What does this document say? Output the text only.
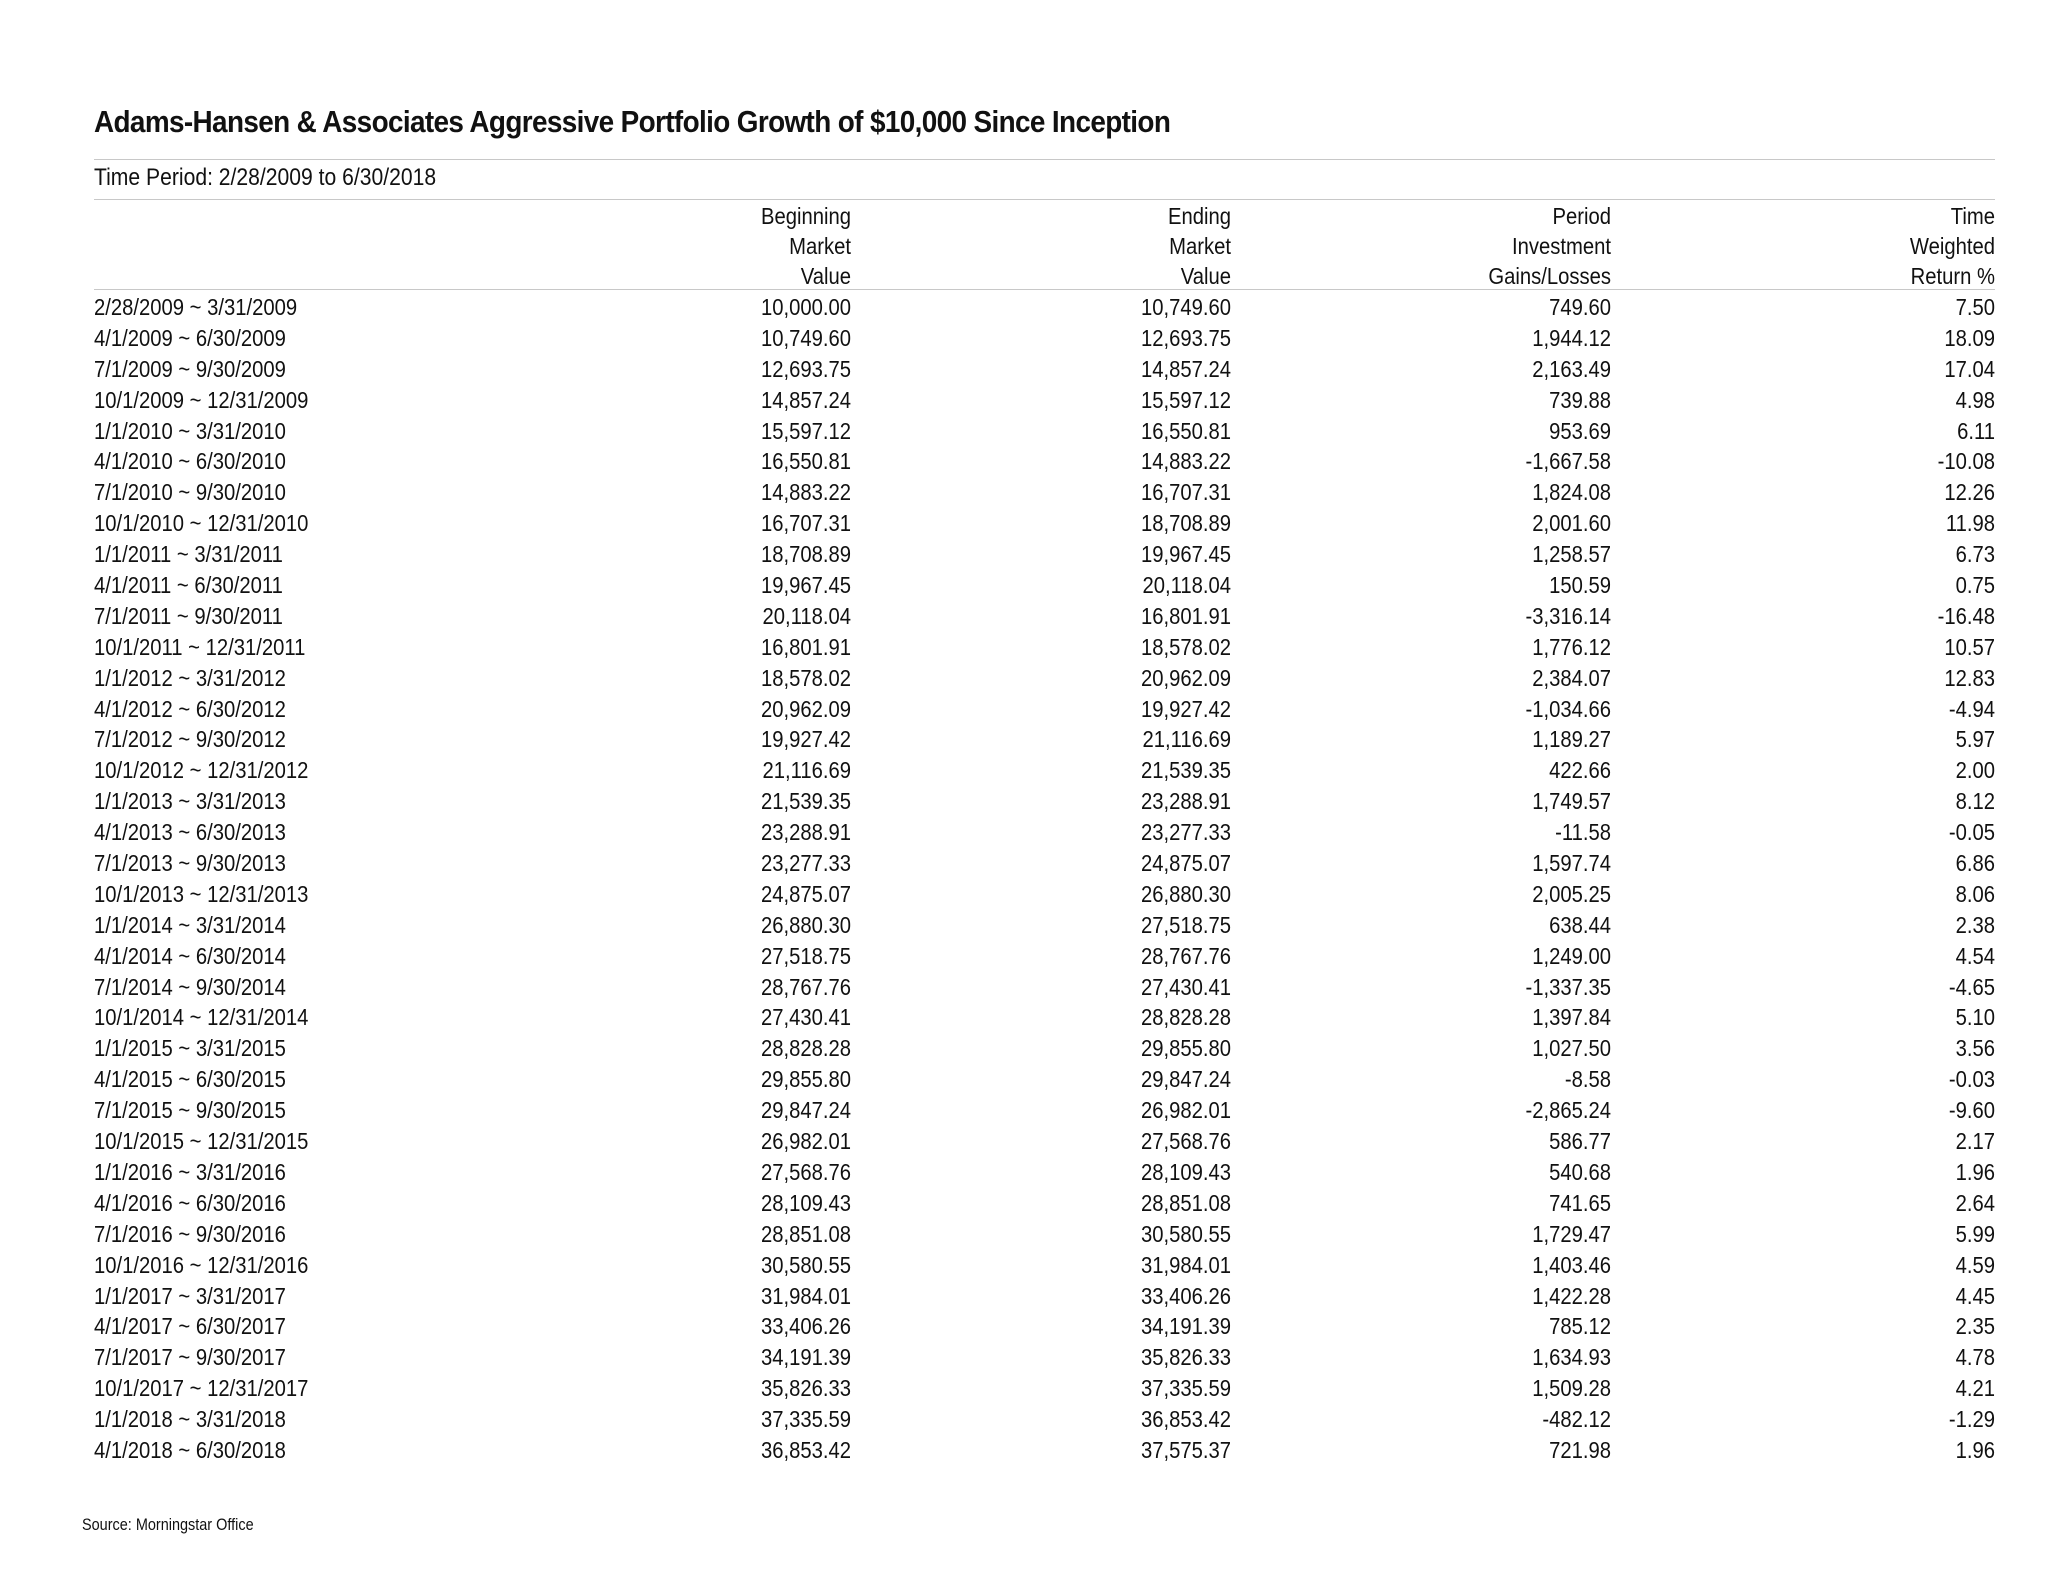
Adams-Hansen & Associates Aggressive Portfolio Growth of $10,000 Since Inception
Time Period: 2/28/2009 to 6/30/2018
Beginning
Market
Value
Ending
Market
Value
Period
Investment
Gains/Losses
Time
Weighted
Return %
2/28/2009 ~ 3/31/2009	10,000.00	10,749.60	749.60	7.50
4/1/2009 ~ 6/30/2009	10,749.60	12,693.75	1,944.12	18.09
7/1/2009 ~ 9/30/2009	12,693.75	14,857.24	2,163.49	17.04
10/1/2009 ~ 12/31/2009	14,857.24	15,597.12	739.88	4.98
1/1/2010 ~ 3/31/2010	15,597.12	16,550.81	953.69	6.11
4/1/2010 ~ 6/30/2010	16,550.81	14,883.22	-1,667.58	-10.08
7/1/2010 ~ 9/30/2010	14,883.22	16,707.31	1,824.08	12.26
10/1/2010 ~ 12/31/2010	16,707.31	18,708.89	2,001.60	11.98
1/1/2011 ~ 3/31/2011	18,708.89	19,967.45	1,258.57	6.73
4/1/2011 ~ 6/30/2011	19,967.45	20,118.04	150.59	0.75
7/1/2011 ~ 9/30/2011	20,118.04	16,801.91	-3,316.14	-16.48
10/1/2011 ~ 12/31/2011	16,801.91	18,578.02	1,776.12	10.57
1/1/2012 ~ 3/31/2012	18,578.02	20,962.09	2,384.07	12.83
4/1/2012 ~ 6/30/2012	20,962.09	19,927.42	-1,034.66	-4.94
7/1/2012 ~ 9/30/2012	19,927.42	21,116.69	1,189.27	5.97
10/1/2012 ~ 12/31/2012	21,116.69	21,539.35	422.66	2.00
1/1/2013 ~ 3/31/2013	21,539.35	23,288.91	1,749.57	8.12
4/1/2013 ~ 6/30/2013	23,288.91	23,277.33	-11.58	-0.05
7/1/2013 ~ 9/30/2013	23,277.33	24,875.07	1,597.74	6.86
10/1/2013 ~ 12/31/2013	24,875.07	26,880.30	2,005.25	8.06
1/1/2014 ~ 3/31/2014	26,880.30	27,518.75	638.44	2.38
4/1/2014 ~ 6/30/2014	27,518.75	28,767.76	1,249.00	4.54
7/1/2014 ~ 9/30/2014	28,767.76	27,430.41	-1,337.35	-4.65
10/1/2014 ~ 12/31/2014	27,430.41	28,828.28	1,397.84	5.10
1/1/2015 ~ 3/31/2015	28,828.28	29,855.80	1,027.50	3.56
4/1/2015 ~ 6/30/2015	29,855.80	29,847.24	-8.58	-0.03
7/1/2015 ~ 9/30/2015	29,847.24	26,982.01	-2,865.24	-9.60
10/1/2015 ~ 12/31/2015	26,982.01	27,568.76	586.77	2.17
1/1/2016 ~ 3/31/2016	27,568.76	28,109.43	540.68	1.96
4/1/2016 ~ 6/30/2016	28,109.43	28,851.08	741.65	2.64
7/1/2016 ~ 9/30/2016	28,851.08	30,580.55	1,729.47	5.99
10/1/2016 ~ 12/31/2016	30,580.55	31,984.01	1,403.46	4.59
1/1/2017 ~ 3/31/2017	31,984.01	33,406.26	1,422.28	4.45
4/1/2017 ~ 6/30/2017	33,406.26	34,191.39	785.12	2.35
7/1/2017 ~ 9/30/2017	34,191.39	35,826.33	1,634.93	4.78
10/1/2017 ~ 12/31/2017	35,826.33	37,335.59	1,509.28	4.21
1/1/2018 ~ 3/31/2018	37,335.59	36,853.42	-482.12	-1.29
4/1/2018 ~ 6/30/2018	36,853.42	37,575.37	721.98	1.96
Source: Morningstar Office
